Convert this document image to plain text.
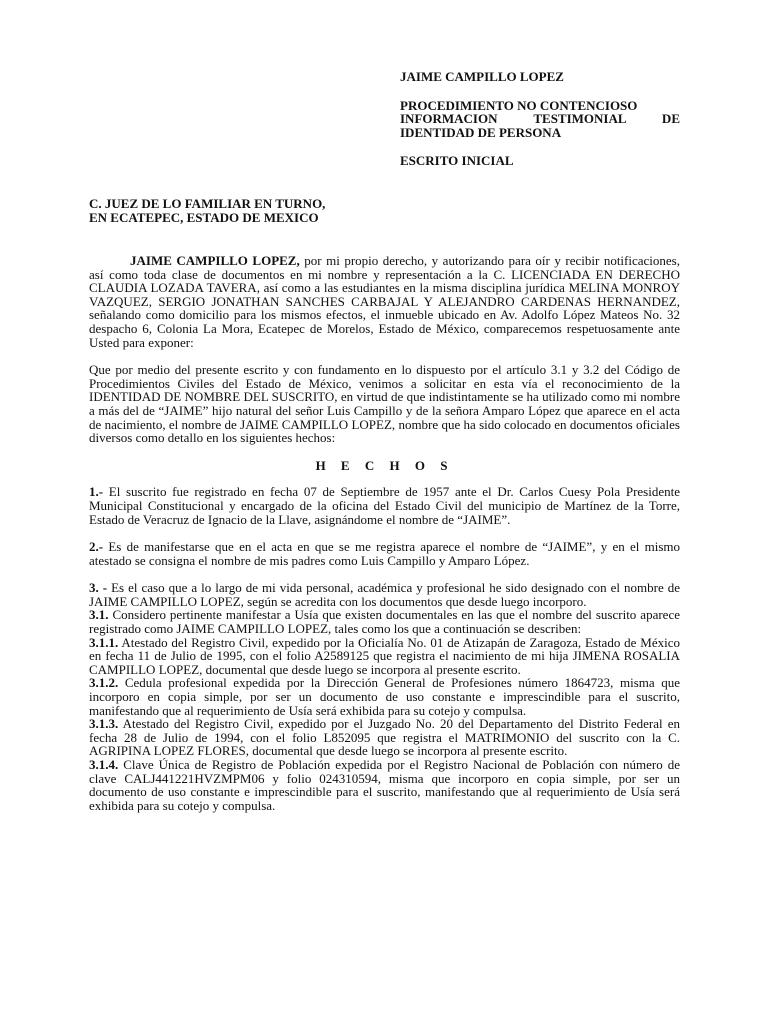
JAIME CAMPILLO LOPEZ

PROCEDIMIENTO NO CONTENCIOSO
INFORMACION TESTIMONIAL DE
IDENTIDAD DE PERSONA

ESCRITO INICIAL

C. JUEZ DE LO FAMILIAR EN TURNO,

EN ECATEPEC, ESTADO DE MEXICO

JAIME CAMPILLO LOPEZ, por mi propio derecho, y autorizando para oír y recibir notificaciones, así como toda clase de documentos en mi nombre y representación a la C. LICENCIADA EN DERECHO CLAUDIA LOZADA TAVERA, así como a las estudiantes en la misma disciplina jurídica MELINA MONROY VAZQUEZ, SERGIO JONATHAN SANCHES CARBAJAL Y ALEJANDRO CARDENAS HERNANDEZ, señalando como domicilio para los mismos efectos, el inmueble ubicado en Av. Adolfo López Mateos No. 32 despacho 6, Colonia La Mora, Ecatepec de Morelos, Estado de México, comparecemos respetuosamente ante Usted para exponer:

Que por medio del presente escrito y con fundamento en lo dispuesto por el artículo 3.1 y 3.2 del Código de Procedimientos Civiles del Estado de México, venimos a solicitar en esta vía el reconocimiento de la IDENTIDAD DE NOMBRE DEL SUSCRITO, en virtud de que indistintamente se ha utilizado como mi nombre a más del de “JAIME” hijo natural del señor Luis Campillo y de la señora Amparo López que aparece en el acta de nacimiento, el nombre de JAIME CAMPILLO LOPEZ, nombre que ha sido colocado en documentos oficiales diversos como detallo en los siguientes hechos:

H E C H O S

1.- El suscrito fue registrado en fecha 07 de Septiembre de 1957 ante el Dr. Carlos Cuesy Pola Presidente Municipal Constitucional y encargado de la oficina del Estado Civil del municipio de Martínez de la Torre, Estado de Veracruz de Ignacio de la Llave, asignándome el nombre de “JAIME”.

2.- Es de manifestarse que en el acta en que se me registra aparece el nombre de “JAIME”, y en el mismo atestado se consigna el nombre de mis padres como Luis Campillo y Amparo López.

3. - Es el caso que a lo largo de mi vida personal, académica y profesional he sido designado con el nombre de JAIME CAMPILLO LOPEZ, según se acredita con los documentos que desde luego incorporo.

3.1. Considero pertinente manifestar a Usía que existen documentales en las que el nombre del suscrito aparece registrado como JAIME CAMPILLO LOPEZ, tales como los que a continuación se describen:

3.1.1. Atestado del Registro Civil, expedido por la Oficialía No. 01 de Atizapán de Zaragoza, Estado de México en fecha 11 de Julio de 1995, con el folio A2589125 que registra el nacimiento de mi hija JIMENA ROSALIA CAMPILLO LOPEZ, documental que desde luego se incorpora al presente escrito.

3.1.2. Cedula profesional expedida por la Dirección General de Profesiones número 1864723, misma que incorporo en copia simple, por ser un documento de uso constante e imprescindible para el suscrito, manifestando que al requerimiento de Usía será exhibida para su cotejo y compulsa.

3.1.3. Atestado del Registro Civil, expedido por el Juzgado No. 20 del Departamento del Distrito Federal en fecha 28 de Julio de 1994, con el folio L852095 que registra el MATRIMONIO del suscrito con la C. AGRIPINA LOPEZ FLORES, documental que desde luego se incorpora al presente escrito.

3.1.4. Clave Única de Registro de Población expedida por el Registro Nacional de Población con número de clave CALJ441221HVZMPM06 y folio 024310594, misma que incorporo en copia simple, por ser un documento de uso constante e imprescindible para el suscrito, manifestando que al requerimiento de Usía será exhibida para su cotejo y compulsa.
